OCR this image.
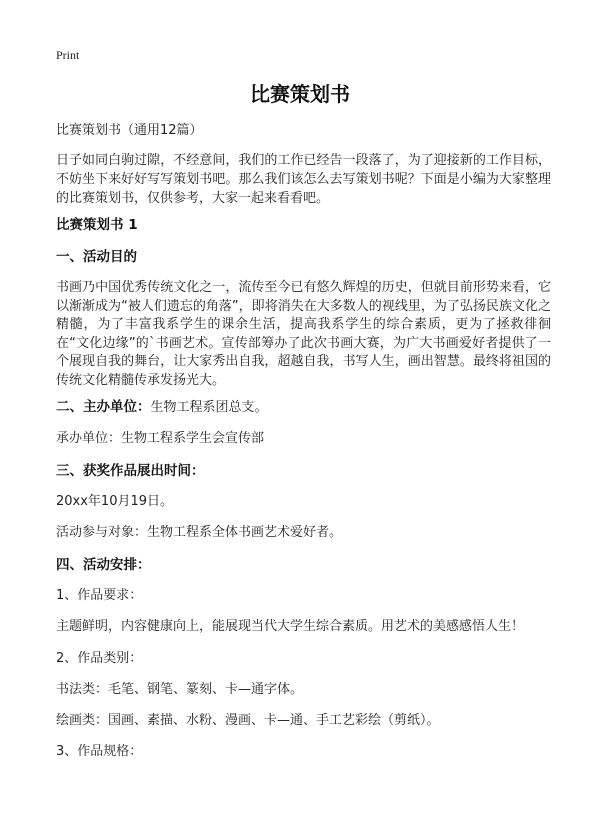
Print
比赛策划书
比赛策划书（通用12篇）
日子如同白驹过隙，不经意间，我们的工作已经告一段落了，为了迎接新的工作目标，不妨坐下来好好写写策划书吧。那么我们该怎么去写策划书呢？下面是小编为大家整理的比赛策划书，仅供参考，大家一起来看看吧。
比赛策划书 1
一、活动目的
书画乃中国优秀传统文化之一，流传至今已有悠久辉煌的历史，但就目前形势来看，它以渐渐成为“被人们遗忘的角落”，即将消失在大多数人的视线里，为了弘扬民族文化之精髓，为了丰富我系学生的课余生活，提高我系学生的综合素质，更为了拯救徘徊在“文化边缘”的`书画艺术。宣传部筹办了此次书画大赛，为广大书画爱好者提供了一个展现自我的舞台，让大家秀出自我，超越自我，书写人生，画出智慧。最终将祖国的传统文化精髓传承发扬光大。
二、主办单位：生物工程系团总支。
承办单位：生物工程系学生会宣传部
三、获奖作品展出时间：
20xx年10月19日。
活动参与对象：生物工程系全体书画艺术爱好者。
四、活动安排：
1、作品要求：
主题鲜明，内容健康向上，能展现当代大学生综合素质。用艺术的美感感悟人生！
2、作品类别：
书法类：毛笔、钢笔、篆刻、卡—通字体。
绘画类：国画、素描、水粉、漫画、卡—通、手工艺彩绘（剪纸）。
3、作品规格：
